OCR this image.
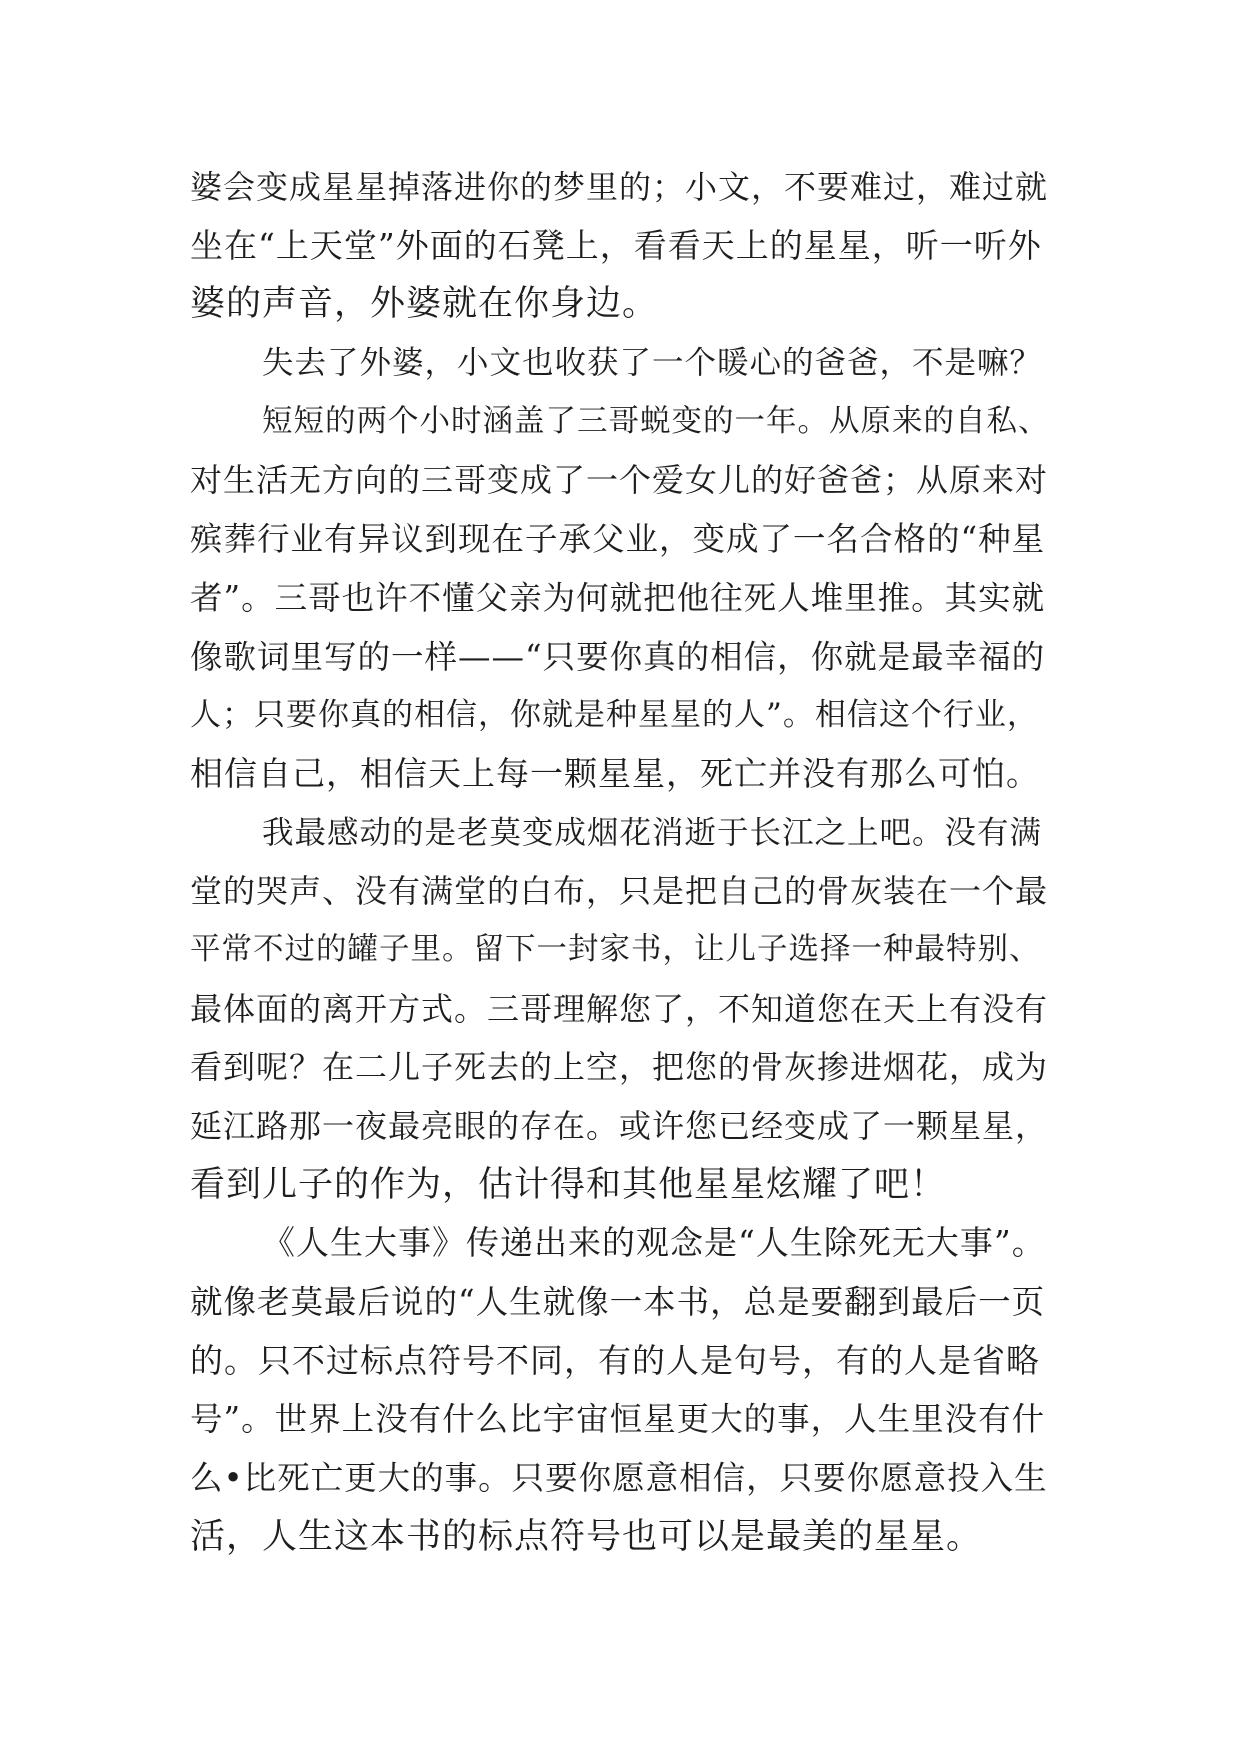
婆会变成星星掉落进你的梦里的；小文，不要难过，难过就
坐在“上天堂”外面的石凳上，看看天上的星星，听一听外
婆的声音，外婆就在你身边。
失去了外婆，小文也收获了一个暖心的爸爸，不是嘛？
短短的两个小时涵盖了三哥蜕变的一年。从原来的自私、
对生活无方向的三哥变成了一个爱女儿的好爸爸；从原来对
殡葬行业有异议到现在子承父业，变成了一名合格的“种星
者”。三哥也许不懂父亲为何就把他往死人堆里推。其实就
像歌词里写的一样——“只要你真的相信，你就是最幸福的
人；只要你真的相信，你就是种星星的人”。相信这个行业，
相信自己，相信天上每一颗星星，死亡并没有那么可怕。
我最感动的是老莫变成烟花消逝于长江之上吧。没有满
堂的哭声、没有满堂的白布，只是把自己的骨灰装在一个最
平常不过的罐子里。留下一封家书，让儿子选择一种最特别、
最体面的离开方式。三哥理解您了，不知道您在天上有没有
看到呢？在二儿子死去的上空，把您的骨灰掺进烟花，成为
延江路那一夜最亮眼的存在。或许您已经变成了一颗星星，
看到儿子的作为，估计得和其他星星炫耀了吧！
《人生大事》传递出来的观念是“人生除死无大事”。
就像老莫最后说的“人生就像一本书，总是要翻到最后一页
的。只不过标点符号不同，有的人是句号，有的人是省略
号”。世界上没有什么比宇宙恒星更大的事，人生里没有什
么•比死亡更大的事。只要你愿意相信，只要你愿意投入生
活，人生这本书的标点符号也可以是最美的星星。
